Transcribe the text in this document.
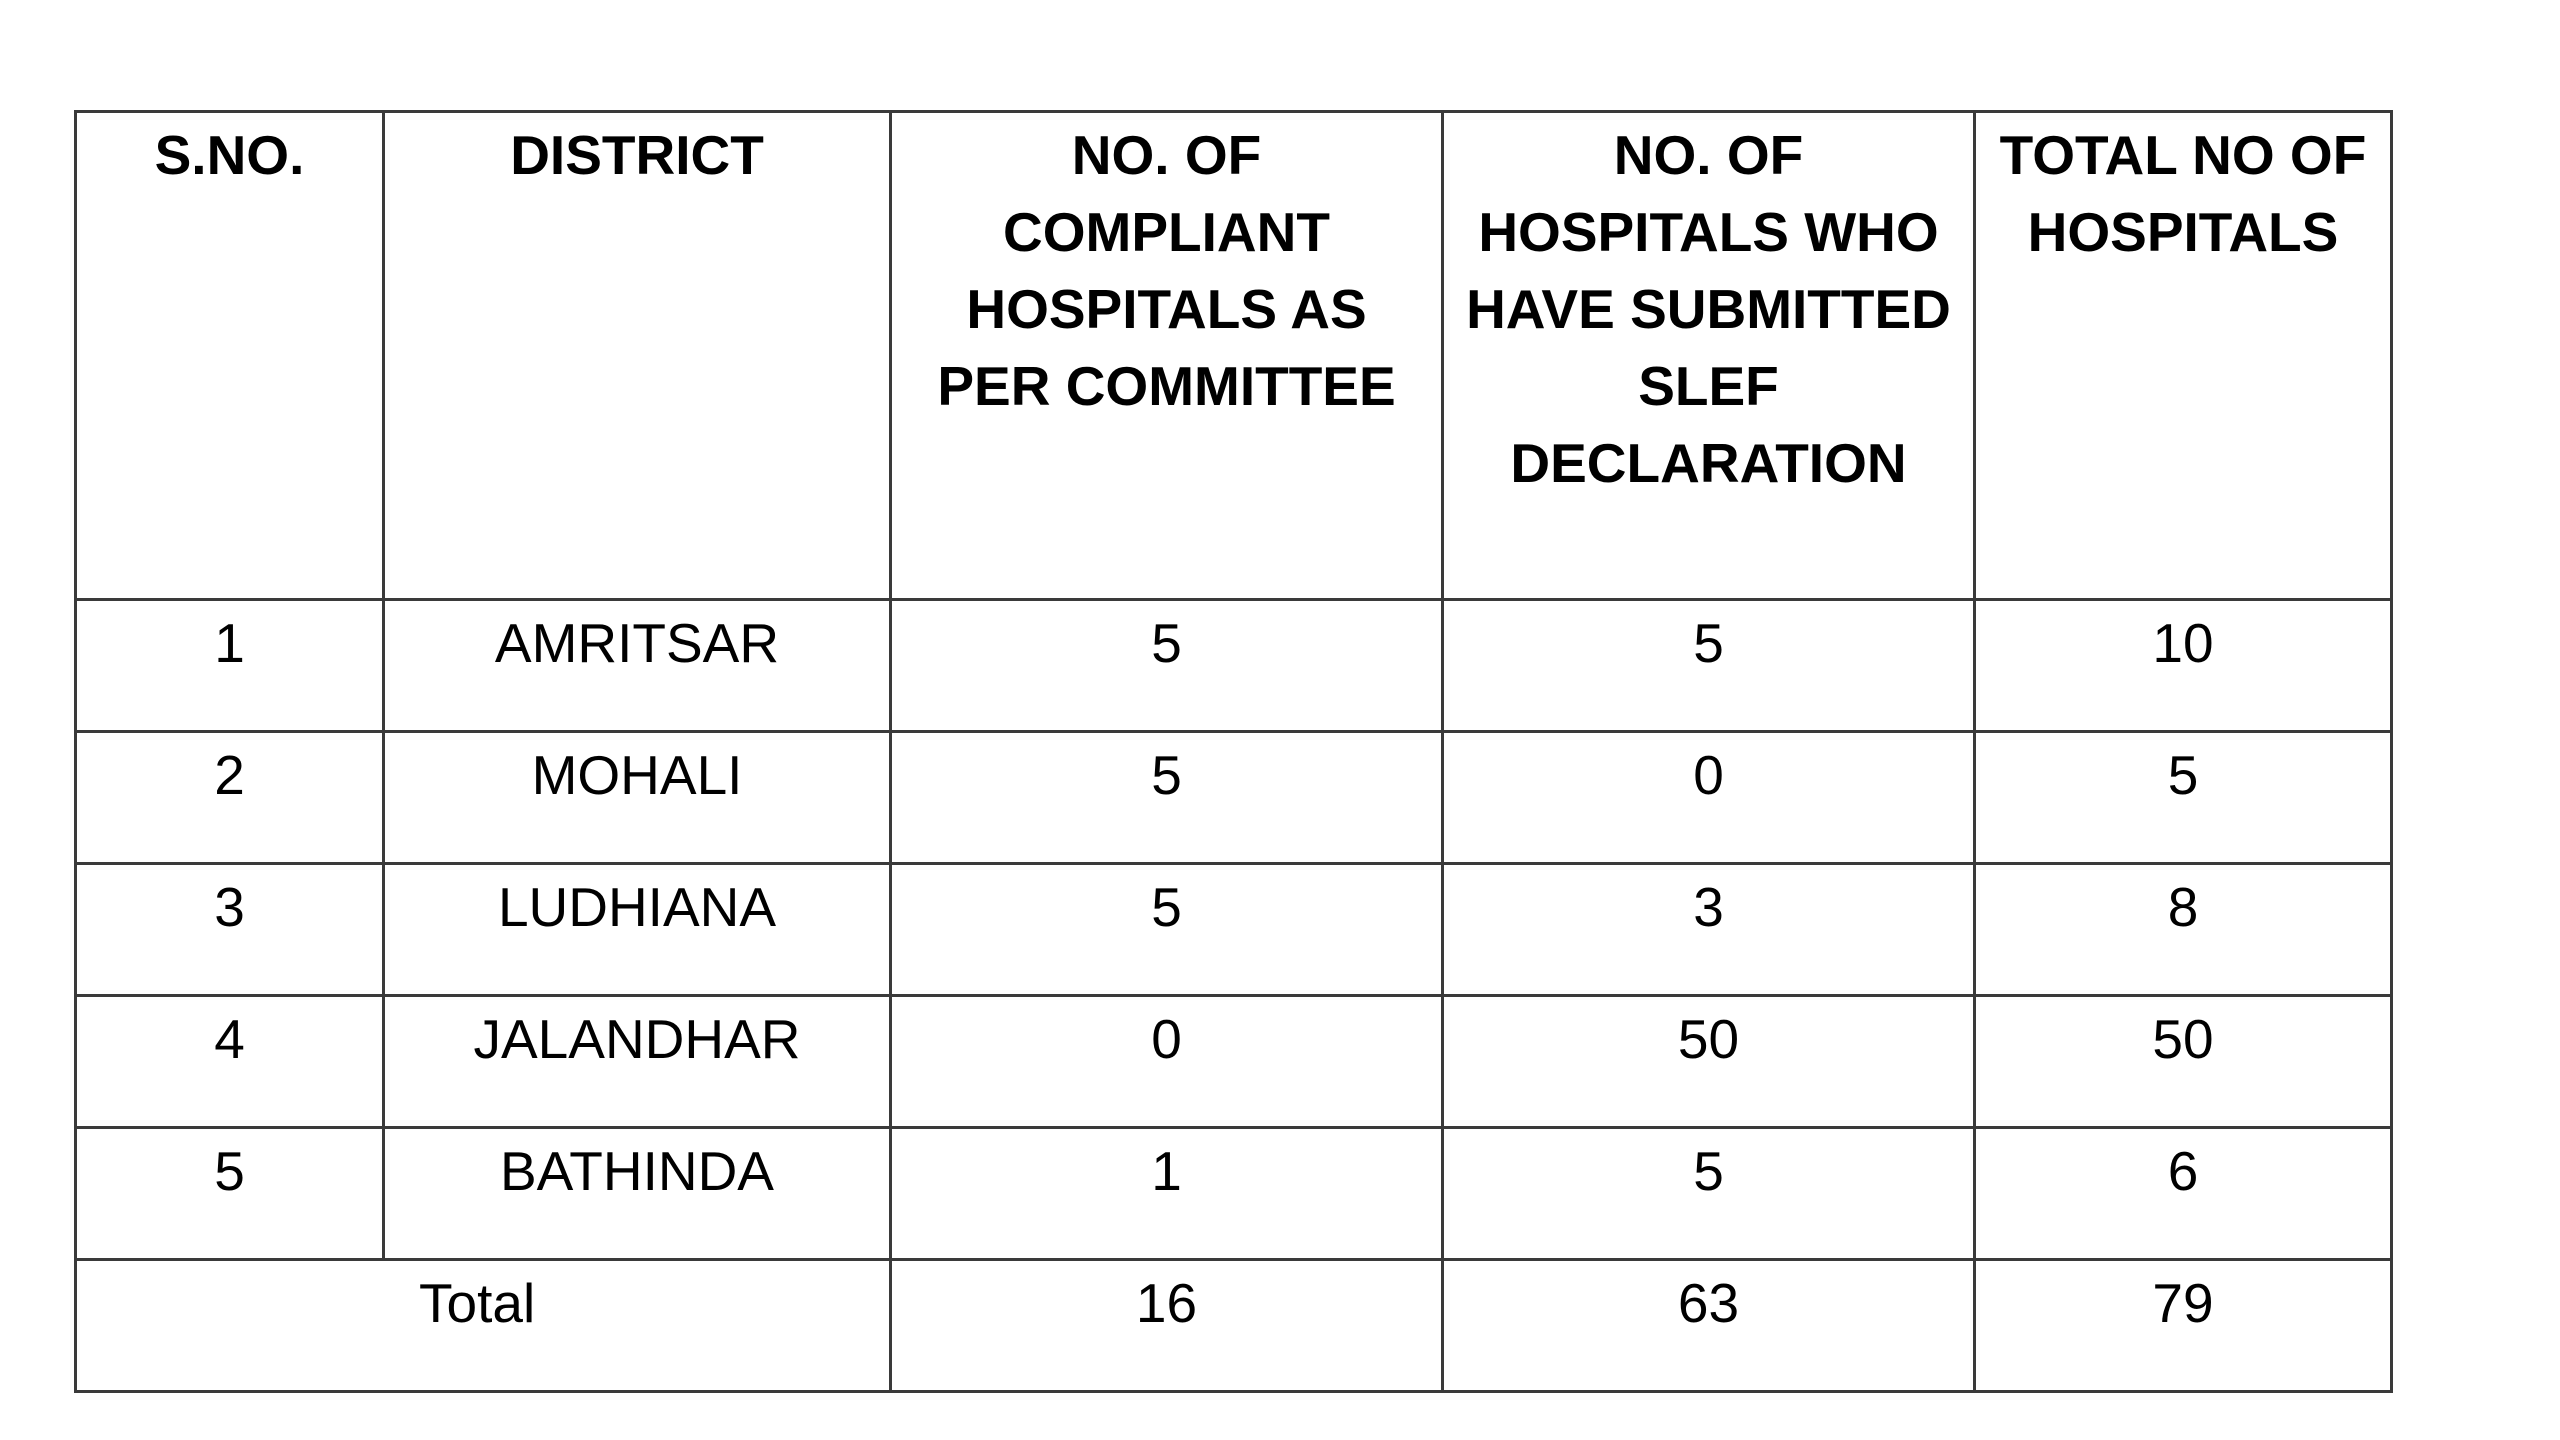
S.NO.	DISTRICT	NO. OF COMPLIANT HOSPITALS AS PER COMMITTEE	NO. OF HOSPITALS WHO HAVE SUBMITTED SLEF DECLARATION	TOTAL NO OF HOSPITALS
1	AMRITSAR	5	5	10
2	MOHALI	5	0	5
3	LUDHIANA	5	3	8
4	JALANDHAR	0	50	50
5	BATHINDA	1	5	6
Total		16	63	79
